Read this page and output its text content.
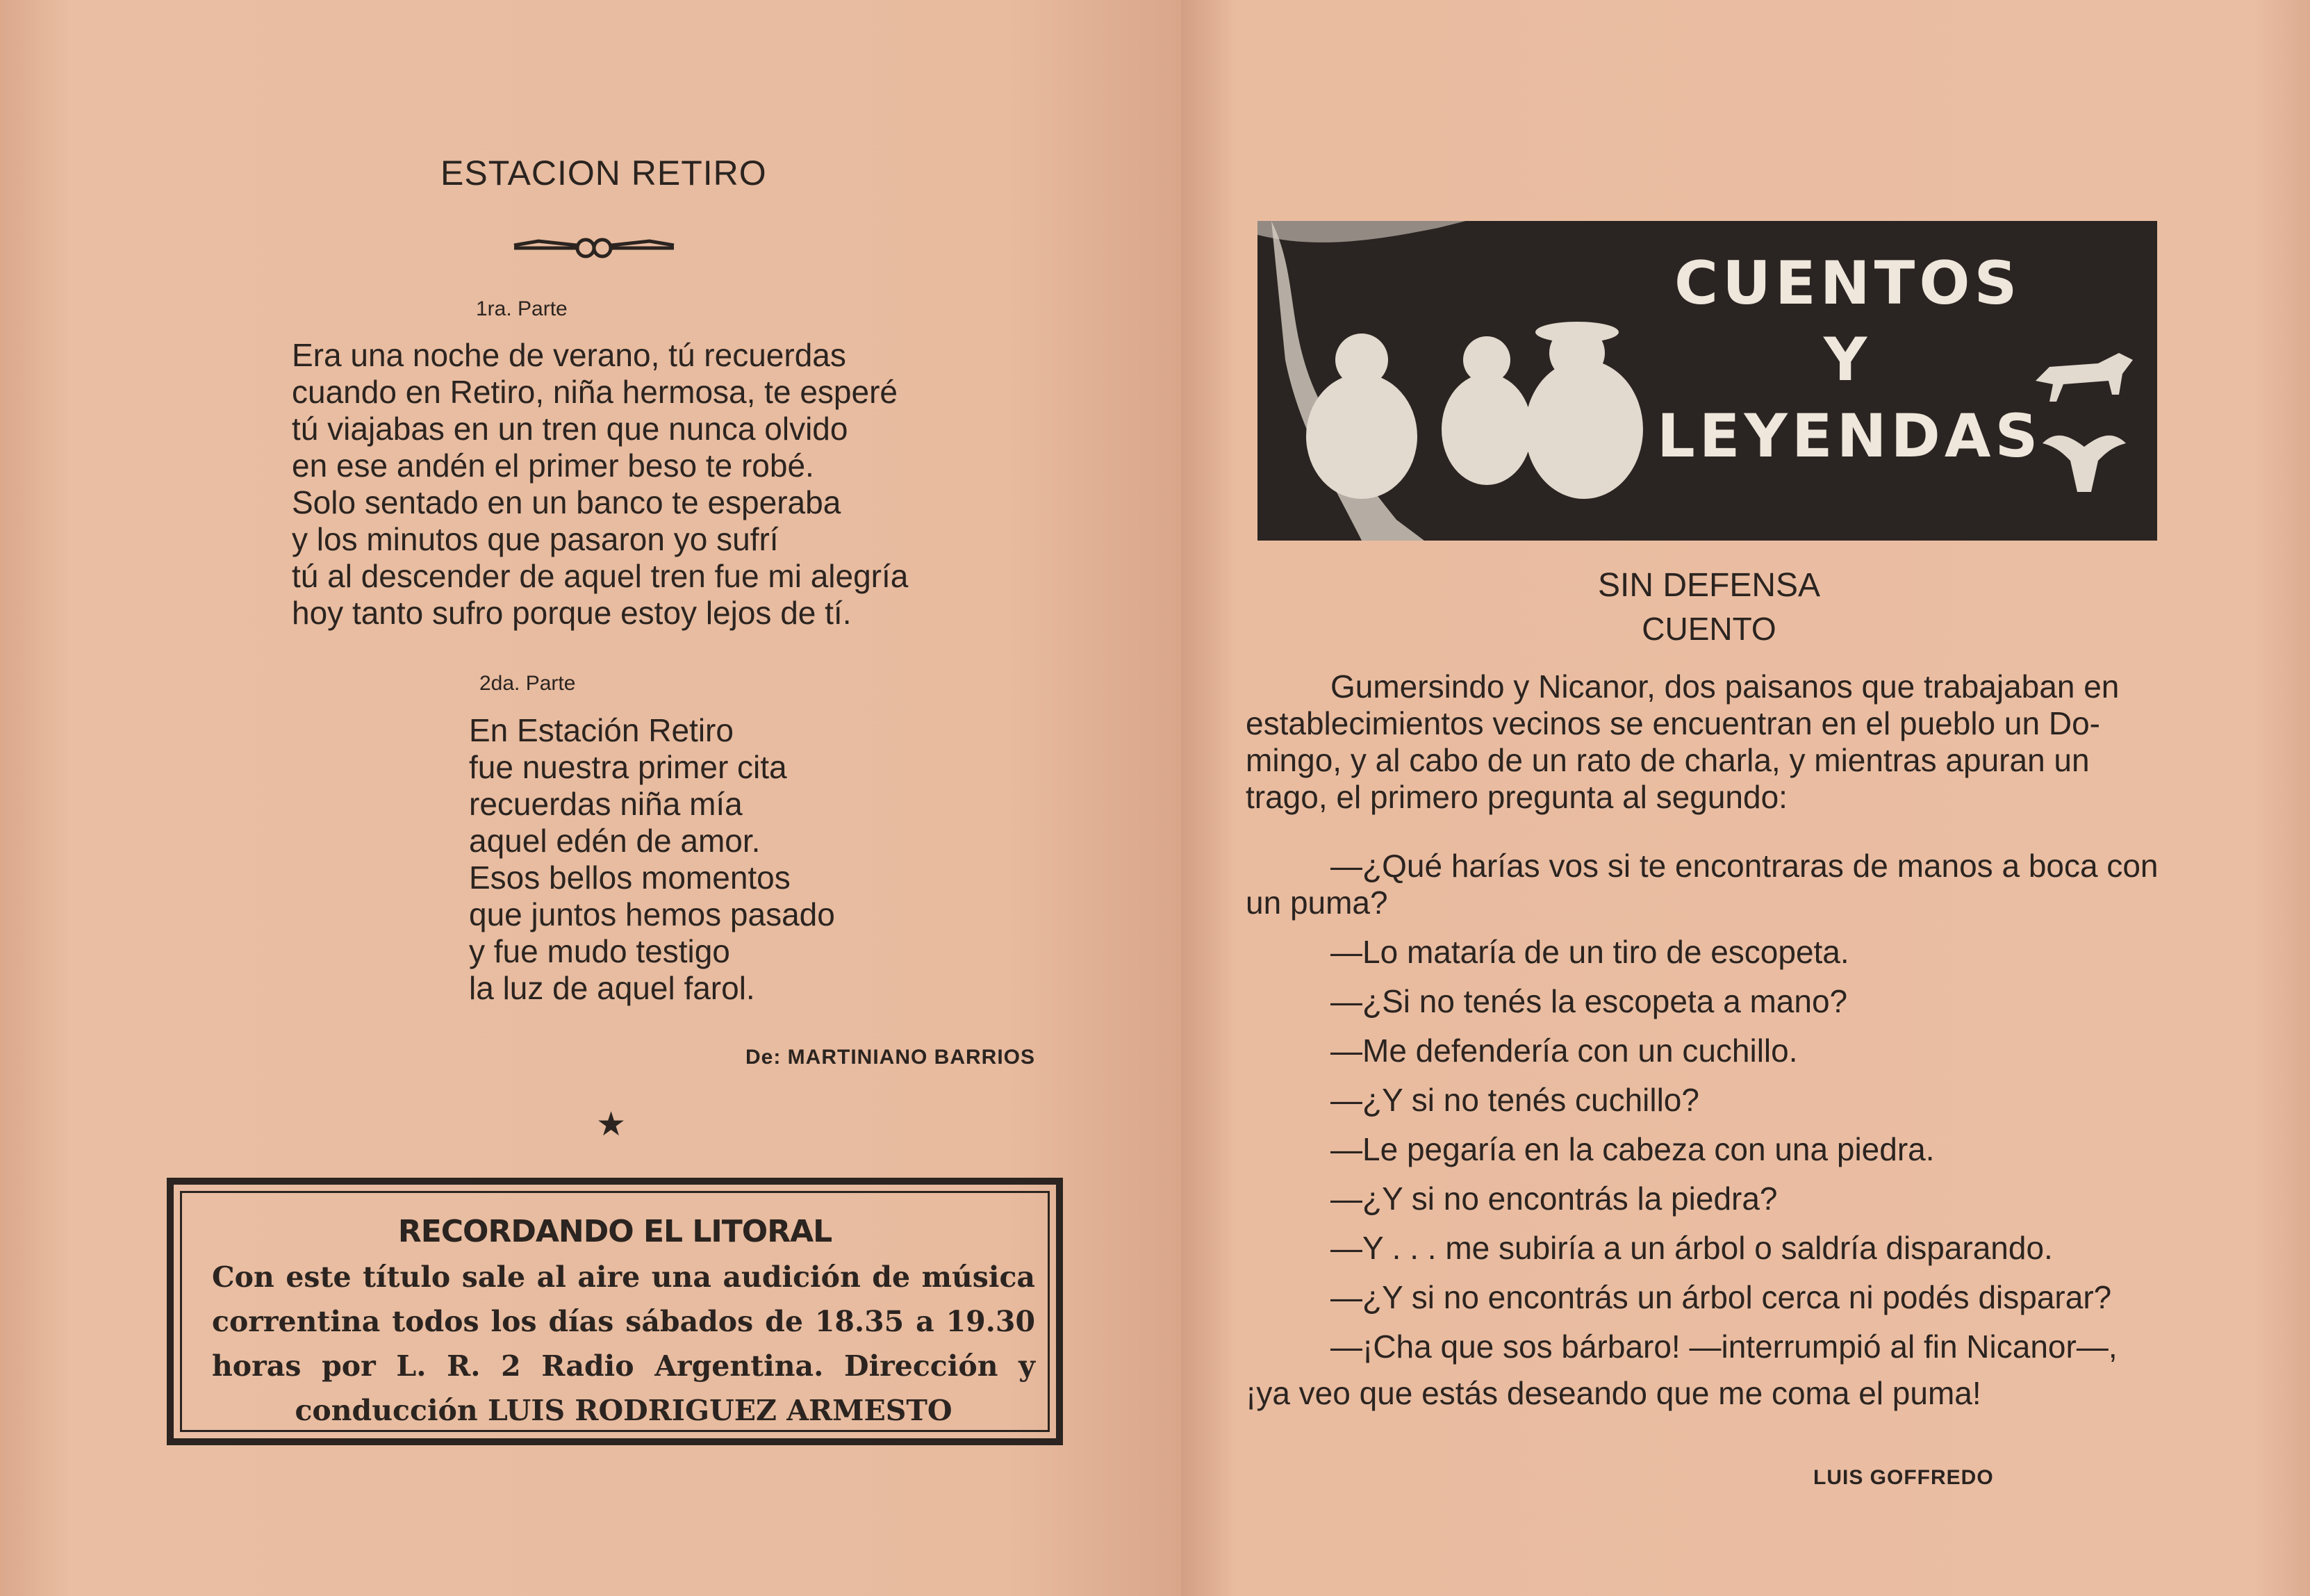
ESTACION RETIRO
1ra. Parte
Era una noche de verano, tú recuerdas
cuando en Retiro, niña hermosa, te esperé
tú viajabas en un tren que nunca olvido
en ese andén el primer beso te robé.
Solo sentado en un banco te esperaba
y los minutos que pasaron yo sufrí
tú al descender de aquel tren fue mi alegría
hoy tanto sufro porque estoy lejos de tí.
2da. Parte
En Estación Retiro
fue nuestra primer cita
recuerdas niña mía
aquel edén de amor.
Esos bellos momentos
que juntos hemos pasado
y fue mudo testigo
la luz de aquel farol.
De: MARTINIANO BARRIOS
★
RECORDANDO EL LITORAL
Con este título sale al aire una audición de música
correntina todos los días sábados de 18.35 a 19.30
horas por L. R. 2 Radio Argentina. Dirección y
conducción LUIS RODRIGUEZ ARMESTO
CUENTOS
Y
LEYENDAS
SIN DEFENSA
CUENTO
Gumersindo y Nicanor, dos paisanos que trabajaban en
establecimientos vecinos se encuentran en el pueblo un Do-
mingo, y al cabo de un rato de charla, y mientras apuran un
trago, el primero pregunta al segundo:
—¿Qué harías vos si te encontraras de manos a boca con
un puma?
—Lo mataría de un tiro de escopeta.
—¿Si no tenés la escopeta a mano?
—Me defendería con un cuchillo.
—¿Y si no tenés cuchillo?
—Le pegaría en la cabeza con una piedra.
—¿Y si no encontrás la piedra?
—Y . . . me subiría a un árbol o saldría disparando.
—¿Y si no encontrás un árbol cerca ni podés disparar?
—¡Cha que sos bárbaro! —interrumpió al fin Nicanor—,
¡ya veo que estás deseando que me coma el puma!
LUIS GOFFREDO
